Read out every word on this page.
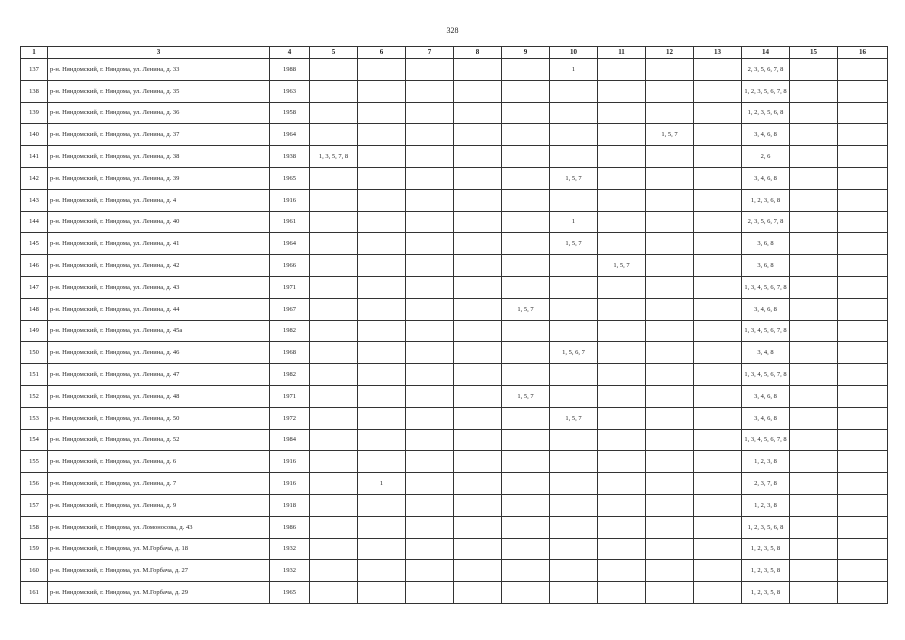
328
1	3	4	5	6	7	8	9	10	11	12	13	14	15	16
137	р-н. Няндомский, г. Няндома, ул. Ленина, д. 33	1988						1				2, 3, 5, 6, 7, 8		
138	р-н. Няндомский, г. Няндома, ул. Ленина, д. 35	1963										1, 2, 3, 5, 6, 7, 8		
139	р-н. Няндомский, г. Няндома, ул. Ленина, д. 36	1958										1, 2, 3, 5, 6, 8		
140	р-н. Няндомский, г. Няндома, ул. Ленина, д. 37	1964								1, 5, 7		3, 4, 6, 8		
141	р-н. Няндомский, г. Няндома, ул. Ленина, д. 38	1938	1, 3, 5, 7, 8									2, 6		
142	р-н. Няндомский, г. Няндома, ул. Ленина, д. 39	1965						1, 5, 7				3, 4, 6, 8		
143	р-н. Няндомский, г. Няндома, ул. Ленина, д. 4	1916										1, 2, 3, 6, 8		
144	р-н. Няндомский, г. Няндома, ул. Ленина, д. 40	1961						1				2, 3, 5, 6, 7, 8		
145	р-н. Няндомский, г. Няндома, ул. Ленина, д. 41	1964						1, 5, 7				3, 6, 8		
146	р-н. Няндомский, г. Няндома, ул. Ленина, д. 42	1966							1, 5, 7			3, 6, 8		
147	р-н. Няндомский, г. Няндома, ул. Ленина, д. 43	1971										1, 3, 4, 5, 6, 7, 8		
148	р-н. Няндомский, г. Няндома, ул. Ленина, д. 44	1967					1, 5, 7					3, 4, 6, 8		
149	р-н. Няндомский, г. Няндома, ул. Ленина, д. 45а	1982										1, 3, 4, 5, 6, 7, 8		
150	р-н. Няндомский, г. Няндома, ул. Ленина, д. 46	1968						1, 5, 6, 7				3, 4, 8		
151	р-н. Няндомский, г. Няндома, ул. Ленина, д. 47	1982										1, 3, 4, 5, 6, 7, 8		
152	р-н. Няндомский, г. Няндома, ул. Ленина, д. 48	1971					1, 5, 7					3, 4, 6, 8		
153	р-н. Няндомский, г. Няндома, ул. Ленина, д. 50	1972						1, 5, 7				3, 4, 6, 8		
154	р-н. Няндомский, г. Няндома, ул. Ленина, д. 52	1984										1, 3, 4, 5, 6, 7, 8		
155	р-н. Няндомский, г. Няндома, ул. Ленина, д. 6	1916										1, 2, 3, 8		
156	р-н. Няндомский, г. Няндома, ул. Ленина, д. 7	1916		1								2, 3, 7, 8		
157	р-н. Няндомский, г. Няндома, ул. Ленина, д. 9	1918										1, 2, 3, 8		
158	р-н. Няндомский, г. Няндома, ул. Ломоносова, д. 43	1986										1, 2, 3, 5, 6, 8		
159	р-н. Няндомский, г. Няндома, ул. М.Горбача, д. 18	1932										1, 2, 3, 5, 8		
160	р-н. Няндомский, г. Няндома, ул. М.Горбача, д. 27	1932										1, 2, 3, 5, 8		
161	р-н. Няндомский, г. Няндома, ул. М.Горбача, д. 29	1965										1, 2, 3, 5, 8		
